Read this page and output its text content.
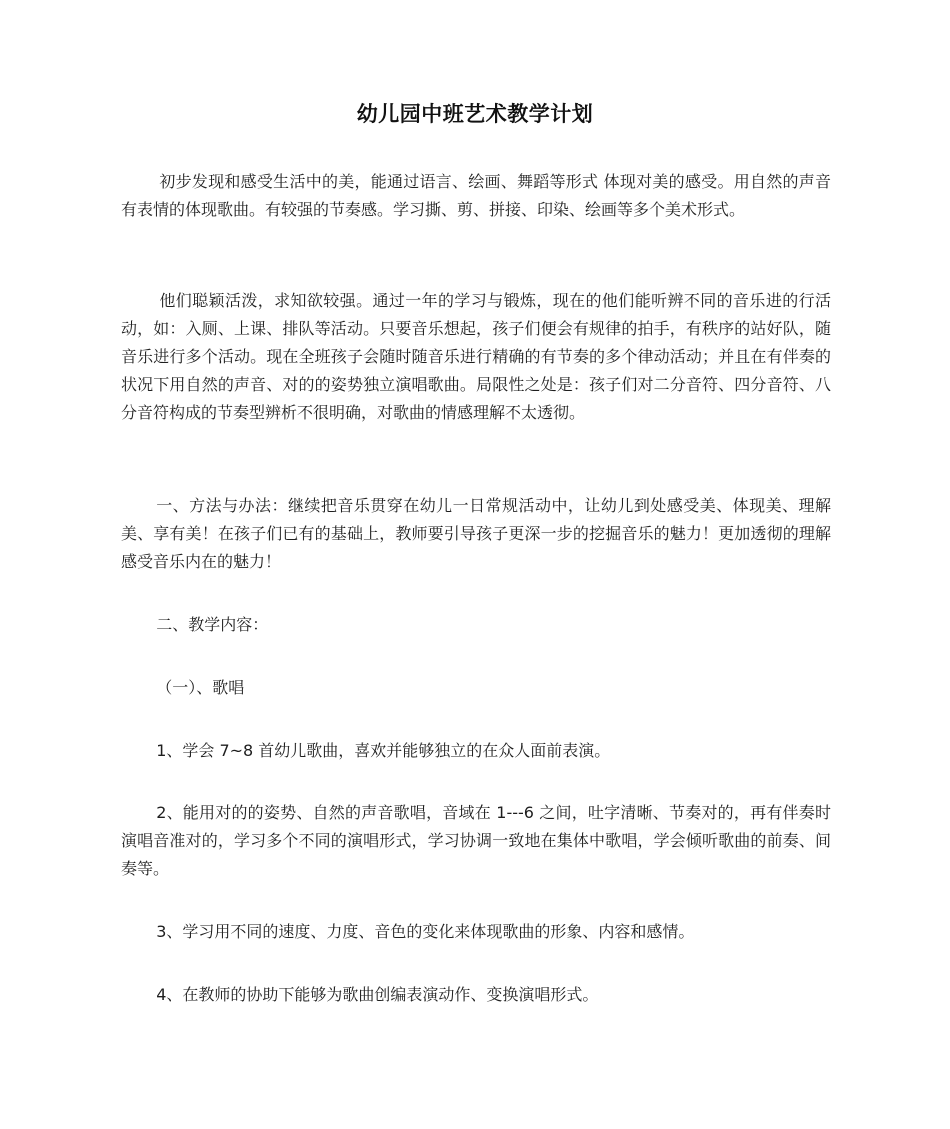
幼儿园中班艺术教学计划

初步发现和感受生活中的美，能通过语言、绘画、舞蹈等形式 体现对美的感受。用自然的声音有表情的体现歌曲。有较强的节奏感。学习撕、剪、拼接、印染、绘画等多个美术形式。

他们聪颖活泼，求知欲较强。通过一年的学习与锻炼，现在的他们能听辨不同的音乐进的行活动，如：入厕、上课、排队等活动。只要音乐想起，孩子们便会有规律的拍手，有秩序的站好队，随音乐进行多个活动。现在全班孩子会随时随音乐进行精确的有节奏的多个律动活动；并且在有伴奏的状况下用自然的声音、对的的姿势独立演唱歌曲。局限性之处是：孩子们对二分音符、四分音符、八分音符构成的节奏型辨析不很明确，对歌曲的情感理解不太透彻。

一、方法与办法：继续把音乐贯穿在幼儿一日常规活动中，让幼儿到处感受美、体现美、理解美、享有美！在孩子们已有的基础上，教师要引导孩子更深一步的挖掘音乐的魅力！更加透彻的理解感受音乐内在的魅力！

二、教学内容：

（一）、歌唱

1、学会 7~8 首幼儿歌曲，喜欢并能够独立的在众人面前表演。

2、能用对的的姿势、自然的声音歌唱，音域在 1---6 之间，吐字清晰、节奏对的，再有伴奏时演唱音准对的，学习多个不同的演唱形式，学习协调一致地在集体中歌唱，学会倾听歌曲的前奏、间奏等。

3、学习用不同的速度、力度、音色的变化来体现歌曲的形象、内容和感情。

4、在教师的协助下能够为歌曲创编表演动作、变换演唱形式。
